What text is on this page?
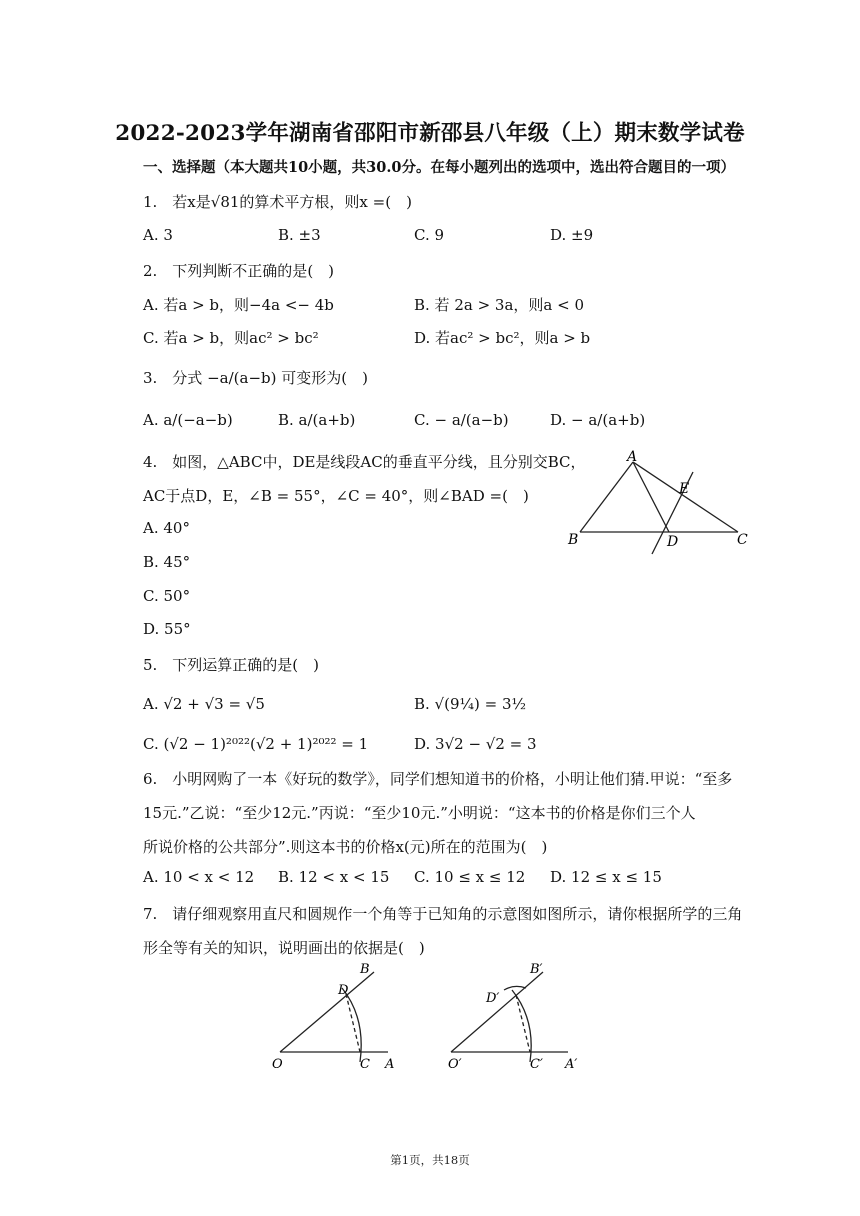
2022-2023学年湖南省邵阳市新邵县八年级（上）期末数学试卷
一、选择题（本大题共10小题，共30.0分。在每小题列出的选项中，选出符合题目的一项）
1.　若x是√81的算术平方根，则x =(　)
A. 3	B. ±3	C. 9	D. ±9
2.　下列判断不正确的是(　)
A. 若a > b，则−4a <− 4b	B. 若 2a > 3a，则a < 0
C. 若a > b，则ac² > bc²	D. 若ac² > bc²，则a > b
3.　分式 −a/(a−b) 可变形为(　)
A. a/(−a−b)	B. a/(a+b)	C. − a/(a−b)	D. − a/(a+b)
4.　如图，△ABC中，DE是线段AC的垂直平分线，且分别交BC，
AC于点D，E，∠B = 55°，∠C = 40°，则∠BAD =(　)
A. 40°
B. 45°
C. 50°
D. 55°
A
B	C
D
E
5.　下列运算正确的是(　)
A. √2 + √3 = √5	B. √(9¼) = 3½
C. (√2 − 1)²⁰²²(√2 + 1)²⁰²² = 1	D. 3√2 − √2 = 3
6.　小明网购了一本《好玩的数学》，同学们想知道书的价格，小明让他们猜.甲说：“至多
15元.”乙说：“至少12元.”丙说：“至少10元.”小明说：“这本书的价格是你们三个人
所说价格的公共部分”.则这本书的价格x(元)所在的范围为(　)
A. 10 < x < 12 B. 12 < x < 15 C. 10 ≤ x ≤ 12 D. 12 ≤ x ≤ 15
7.　请仔细观察用直尺和圆规作一个角等于已知角的示意图如图所示，请你根据所学的三角
形全等有关的知识，说明画出的依据是(　)
O	A
B
C
D
O′	A′
B′
C′
D′
第1页，共18页
